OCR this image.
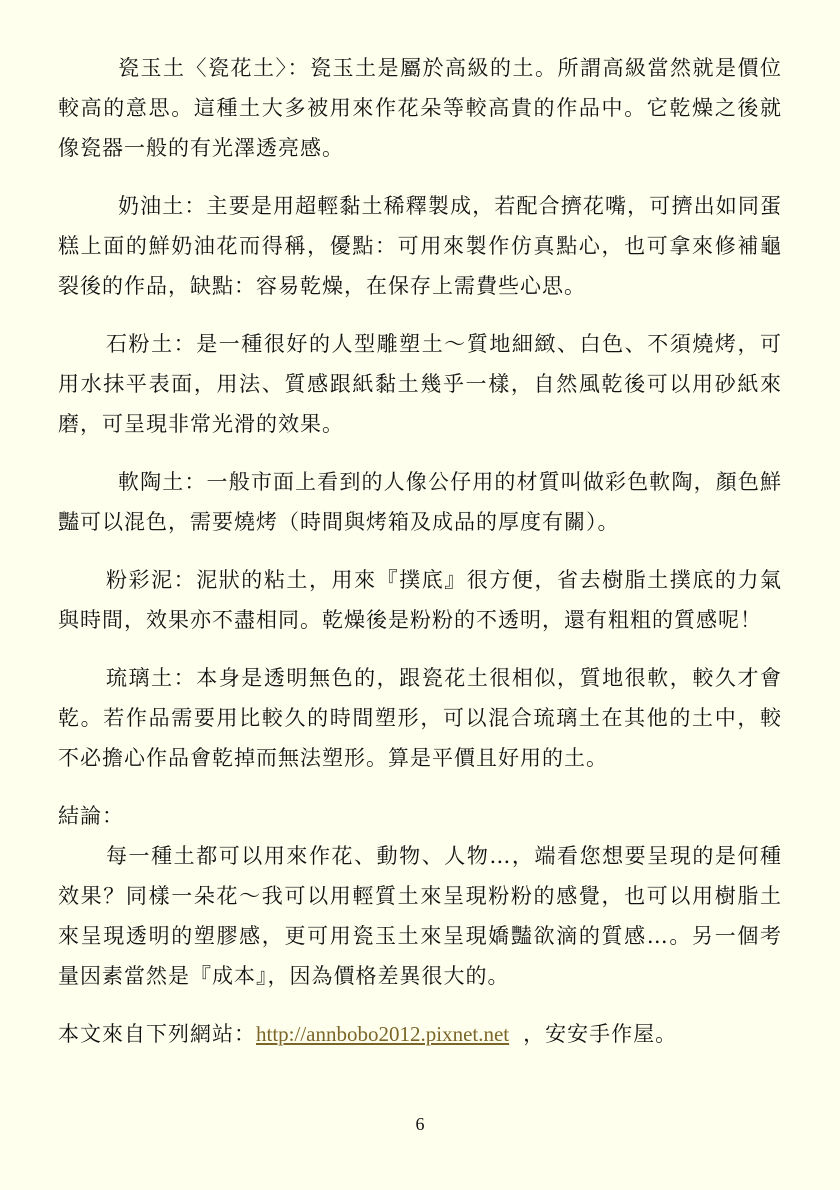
瓷玉土〈瓷花土〉：瓷玉土是屬於高級的土。所謂高級當然就是價位較高的意思。這種土大多被用來作花朵等較高貴的作品中。它乾燥之後就像瓷器一般的有光澤透亮感。

奶油土：主要是用超輕黏土稀釋製成，若配合擠花嘴，可擠出如同蛋糕上面的鮮奶油花而得稱，優點：可用來製作仿真點心，也可拿來修補龜裂後的作品，缺點：容易乾燥，在保存上需費些心思。

石粉土：是一種很好的人型雕塑土～質地細緻、白色、不須燒烤，可用水抹平表面，用法、質感跟紙黏土幾乎一樣，自然風乾後可以用砂紙來磨，可呈現非常光滑的效果。

軟陶土：一般市面上看到的人像公仔用的材質叫做彩色軟陶，顏色鮮豔可以混色，需要燒烤（時間與烤箱及成品的厚度有關）。

粉彩泥：泥狀的粘土，用來『撲底』很方便，省去樹脂土撲底的力氣與時間，效果亦不盡相同。乾燥後是粉粉的不透明，還有粗粗的質感呢！

琉璃土：本身是透明無色的，跟瓷花土很相似，質地很軟，較久才會乾。若作品需要用比較久的時間塑形，可以混合琉璃土在其他的土中，較不必擔心作品會乾掉而無法塑形。算是平價且好用的土。

結論：

每一種土都可以用來作花、動物、人物…，端看您想要呈現的是何種效果？同樣一朵花～我可以用輕質土來呈現粉粉的感覺，也可以用樹脂土來呈現透明的塑膠感，更可用瓷玉土來呈現嬌豔欲滴的質感…。另一個考量因素當然是『成本』，因為價格差異很大的。

本文來自下列網站：http://annbobo2012.pixnet.net ，安安手作屋。
6
